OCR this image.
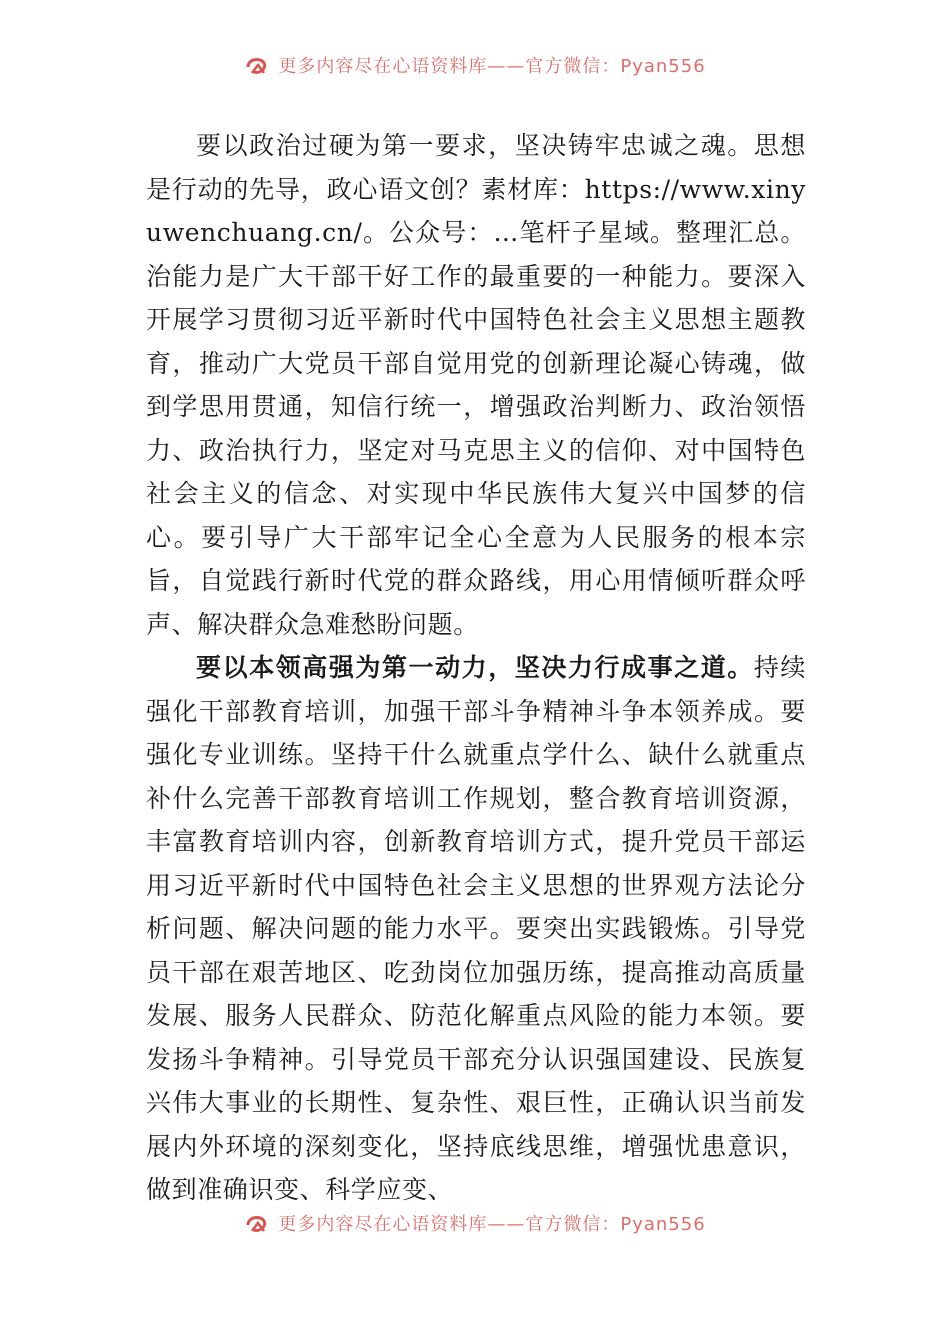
更多内容尽在心语资料库——官方微信：Pyan556

要以政治过硬为第一要求，坚决铸牢忠诚之魂。思想是行动的先导，政心语文创？素材库：https://www.xinyuwenchuang.cn/。公众号：…笔杆子星域。整理汇总。治能力是广大干部干好工作的最重要的一种能力。要深入开展学习贯彻习近平新时代中国特色社会主义思想主题教育，推动广大党员干部自觉用党的创新理论凝心铸魂，做到学思用贯通，知信行统一，增强政治判断力、政治领悟力、政治执行力，坚定对马克思主义的信仰、对中国特色社会主义的信念、对实现中华民族伟大复兴中国梦的信心。要引导广大干部牢记全心全意为人民服务的根本宗旨，自觉践行新时代党的群众路线，用心用情倾听群众呼声、解决群众急难愁盼问题。

要以本领高强为第一动力，坚决力行成事之道。持续强化干部教育培训，加强干部斗争精神斗争本领养成。要强化专业训练。坚持干什么就重点学什么、缺什么就重点补什么完善干部教育培训工作规划，整合教育培训资源，丰富教育培训内容，创新教育培训方式，提升党员干部运用习近平新时代中国特色社会主义思想的世界观方法论分析问题、解决问题的能力水平。要突出实践锻炼。引导党员干部在艰苦地区、吃劲岗位加强历练，提高推动高质量发展、服务人民群众、防范化解重点风险的能力本领。要发扬斗争精神。引导党员干部充分认识强国建设、民族复兴伟大事业的长期性、复杂性、艰巨性，正确认识当前发展内外环境的深刻变化，坚持底线思维，增强忧患意识，做到准确识变、科学应变、

更多内容尽在心语资料库——官方微信：Pyan556
